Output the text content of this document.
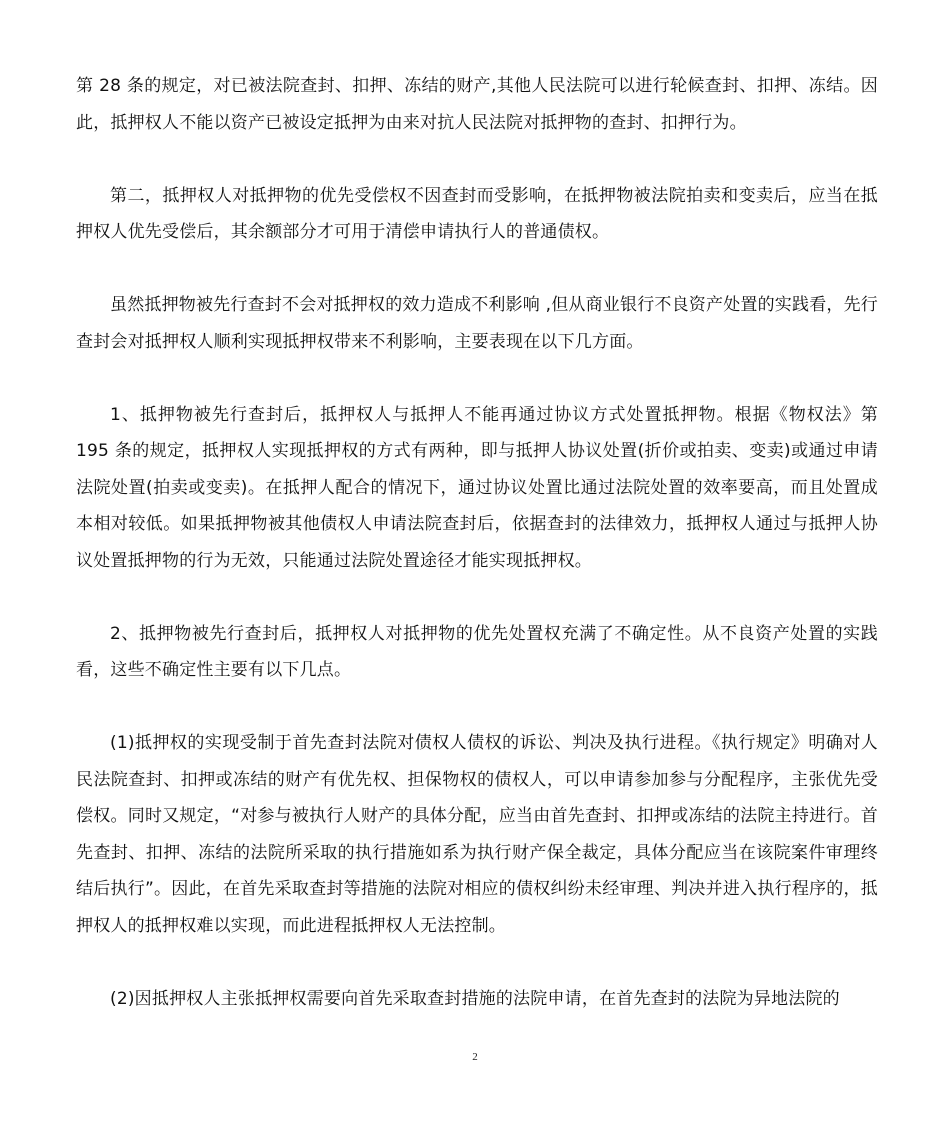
第 28 条的规定，对已被法院查封、扣押、冻结的财产,其他人民法院可以进行轮候查封、扣押、冻结。因此，抵押权人不能以资产已被设定抵押为由来对抗人民法院对抵押物的查封、扣押行为。

第二，抵押权人对抵押物的优先受偿权不因查封而受影响，在抵押物被法院拍卖和变卖后，应当在抵押权人优先受偿后，其余额部分才可用于清偿申请执行人的普通债权。

虽然抵押物被先行查封不会对抵押权的效力造成不利影响 ,但从商业银行不良资产处置的实践看，先行查封会对抵押权人顺利实现抵押权带来不利影响，主要表现在以下几方面。

1、抵押物被先行查封后，抵押权人与抵押人不能再通过协议方式处置抵押物。根据《物权法》第 195 条的规定，抵押权人实现抵押权的方式有两种，即与抵押人协议处置(折价或拍卖、变卖)或通过申请法院处置(拍卖或变卖)。在抵押人配合的情况下，通过协议处置比通过法院处置的效率要高，而且处置成本相对较低。如果抵押物被其他债权人申请法院查封后，依据查封的法律效力，抵押权人通过与抵押人协议处置抵押物的行为无效，只能通过法院处置途径才能实现抵押权。

2、抵押物被先行查封后，抵押权人对抵押物的优先处置权充满了不确定性。从不良资产处置的实践看，这些不确定性主要有以下几点。

(1)抵押权的实现受制于首先查封法院对债权人债权的诉讼、判决及执行进程。《执行规定》明确对人民法院查封、扣押或冻结的财产有优先权、担保物权的债权人，可以申请参加参与分配程序，主张优先受偿权。同时又规定，“对参与被执行人财产的具体分配，应当由首先查封、扣押或冻结的法院主持进行。首先查封、扣押、冻结的法院所采取的执行措施如系为执行财产保全裁定，具体分配应当在该院案件审理终结后执行”。因此，在首先采取查封等措施的法院对相应的债权纠纷未经审理、判决并进入执行程序的，抵押权人的抵押权难以实现，而此进程抵押权人无法控制。

(2)因抵押权人主张抵押权需要向首先采取查封措施的法院申请，在首先查封的法院为异地法院的

2
